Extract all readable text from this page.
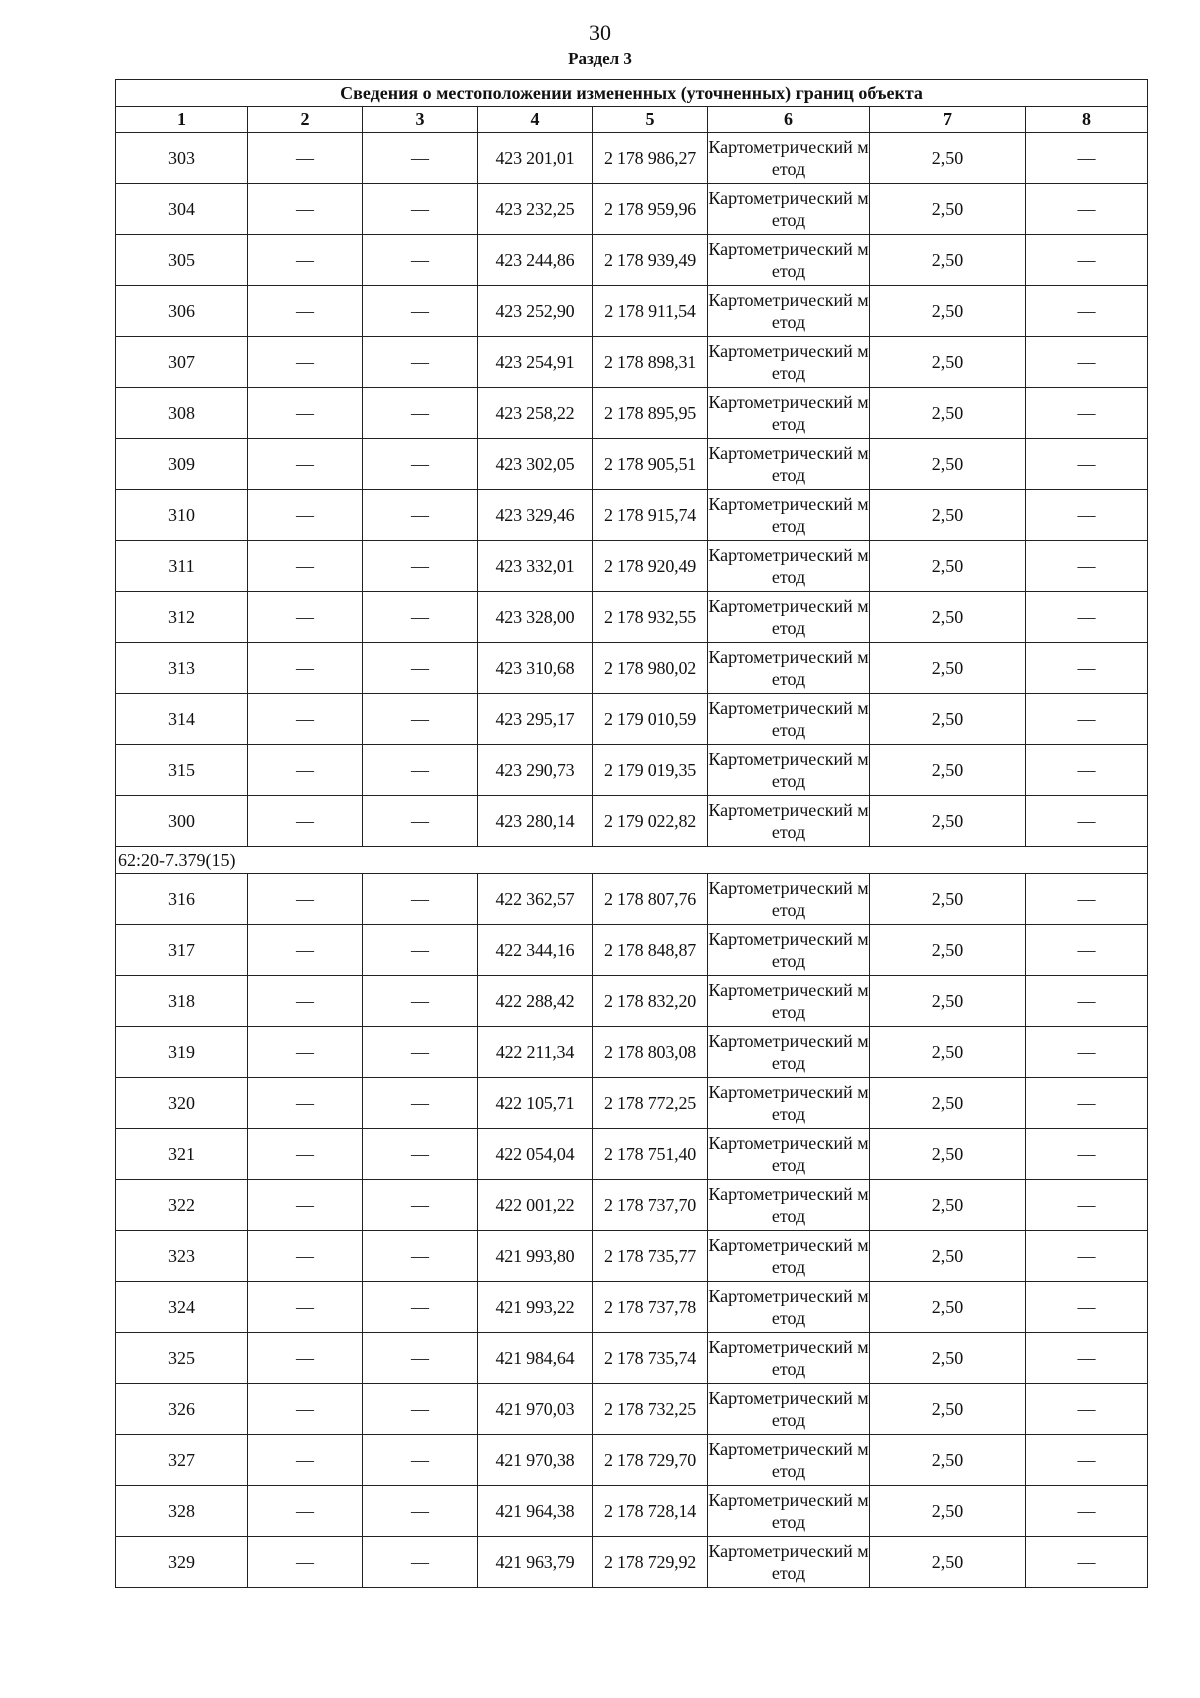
30
Раздел 3
Сведения о местоположении измененных (уточненных) границ объекта							
1	2	3	4	5	6	7	8
303	—	—	423 201,01	2 178 986,27	Картометрический метод	2,50	—
304	—	—	423 232,25	2 178 959,96	Картометрический метод	2,50	—
305	—	—	423 244,86	2 178 939,49	Картометрический метод	2,50	—
306	—	—	423 252,90	2 178 911,54	Картометрический метод	2,50	—
307	—	—	423 254,91	2 178 898,31	Картометрический метод	2,50	—
308	—	—	423 258,22	2 178 895,95	Картометрический метод	2,50	—
309	—	—	423 302,05	2 178 905,51	Картометрический метод	2,50	—
310	—	—	423 329,46	2 178 915,74	Картометрический метод	2,50	—
311	—	—	423 332,01	2 178 920,49	Картометрический метод	2,50	—
312	—	—	423 328,00	2 178 932,55	Картометрический метод	2,50	—
313	—	—	423 310,68	2 178 980,02	Картометрический метод	2,50	—
314	—	—	423 295,17	2 179 010,59	Картометрический метод	2,50	—
315	—	—	423 290,73	2 179 019,35	Картометрический метод	2,50	—
300	—	—	423 280,14	2 179 022,82	Картометрический метод	2,50	—
62:20-7.379(15)							
316	—	—	422 362,57	2 178 807,76	Картометрический метод	2,50	—
317	—	—	422 344,16	2 178 848,87	Картометрический метод	2,50	—
318	—	—	422 288,42	2 178 832,20	Картометрический метод	2,50	—
319	—	—	422 211,34	2 178 803,08	Картометрический метод	2,50	—
320	—	—	422 105,71	2 178 772,25	Картометрический метод	2,50	—
321	—	—	422 054,04	2 178 751,40	Картометрический метод	2,50	—
322	—	—	422 001,22	2 178 737,70	Картометрический метод	2,50	—
323	—	—	421 993,80	2 178 735,77	Картометрический метод	2,50	—
324	—	—	421 993,22	2 178 737,78	Картометрический метод	2,50	—
325	—	—	421 984,64	2 178 735,74	Картометрический метод	2,50	—
326	—	—	421 970,03	2 178 732,25	Картометрический метод	2,50	—
327	—	—	421 970,38	2 178 729,70	Картометрический метод	2,50	—
328	—	—	421 964,38	2 178 728,14	Картометрический метод	2,50	—
329	—	—	421 963,79	2 178 729,92	Картометрический метод	2,50	—
